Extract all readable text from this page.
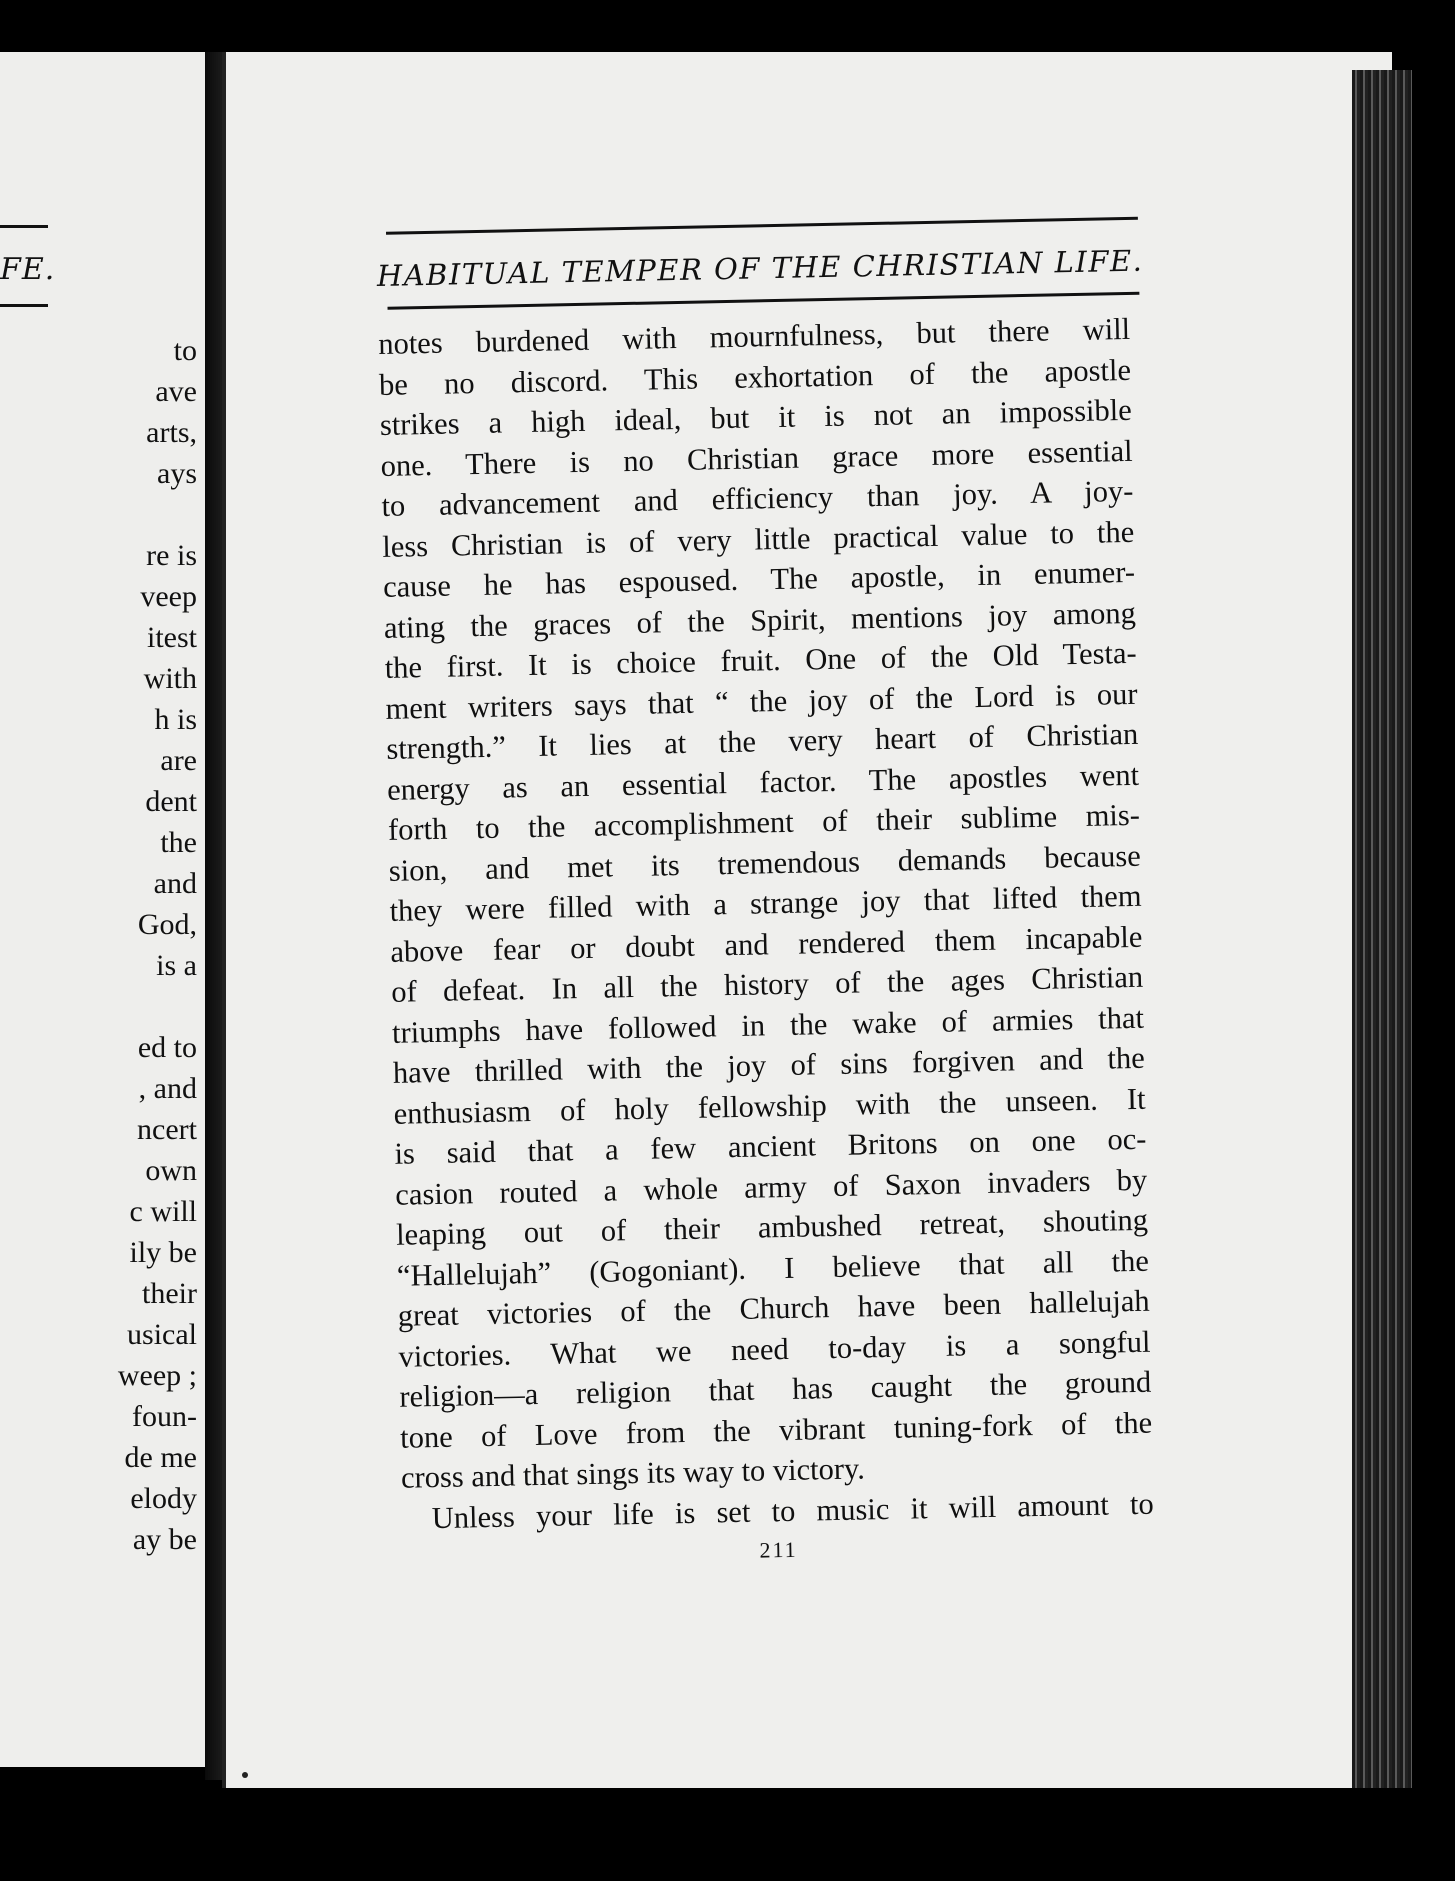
FE.
to
ave
arts,
ays
re is
veep
itest
with
h is
are
dent
the
and
God,
is a
ed to
, and
ncert
own
c will
ily be
their
usical
weep ;
foun-
de me
elody
ay be
HABITUAL TEMPER OF THE CHRISTIAN LIFE.
notes burdened with mournfulness, but there will
be no discord. This exhortation of the apostle
strikes a high ideal, but it is not an impossible
one. There is no Christian grace more essential
to advancement and efficiency than joy. A joy-
less Christian is of very little practical value to the
cause he has espoused. The apostle, in enumer-
ating the graces of the Spirit, mentions joy among
the first. It is choice fruit. One of the Old Testa-
ment writers says that “ the joy of the Lord is our
strength.” It lies at the very heart of Christian
energy as an essential factor. The apostles went
forth to the accomplishment of their sublime mis-
sion, and met its tremendous demands because
they were filled with a strange joy that lifted them
above fear or doubt and rendered them incapable
of defeat. In all the history of the ages Christian
triumphs have followed in the wake of armies that
have thrilled with the joy of sins forgiven and the
enthusiasm of holy fellowship with the unseen. It
is said that a few ancient Britons on one oc-
casion routed a whole army of Saxon invaders by
leaping out of their ambushed retreat, shouting
“Hallelujah” (Gogoniant). I believe that all the
great victories of the Church have been hallelujah
victories. What we need to-day is a songful
religion—a religion that has caught the ground
tone of Love from the vibrant tuning-fork of the
cross and that sings its way to victory.
Unless your life is set to music it will amount to
211
